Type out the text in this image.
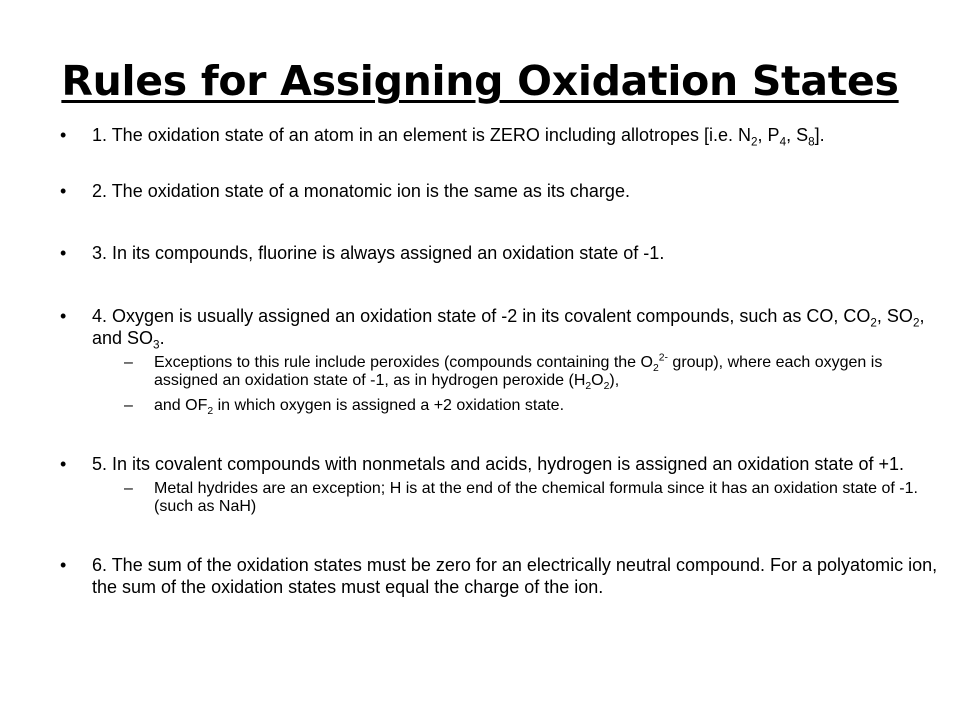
Rules for Assigning Oxidation States
• 1. The oxidation state of an atom in an element is ZERO including allotropes [i.e. $N_2$, $P_4$, $S_8$].
• 2. The oxidation state of a monatomic ion is the same as its charge.
• 3. In its compounds, fluorine is always assigned an oxidation state of -1.
• 4. Oxygen is usually assigned an oxidation state of -2 in its covalent compounds, such as CO, $CO_2$, $SO_2$, and $SO_3$.
– Exceptions to this rule include peroxides (compounds containing the $O_2^{2-}$ group), where each oxygen is assigned an oxidation state of -1, as in hydrogen peroxide $(H_2O_2)$,
– and $OF_2$ in which oxygen is assigned a +2 oxidation state.
• 5. In its covalent compounds with nonmetals and acids, hydrogen is assigned an oxidation state of +1.
– Metal hydrides are an exception; H is at the end of the chemical formula since it has an oxidation state of -1. (such as NaH)
• 6. The sum of the oxidation states must be zero for an electrically neutral compound. For a polyatomic ion, the sum of the oxidation states must equal the charge of the ion.
